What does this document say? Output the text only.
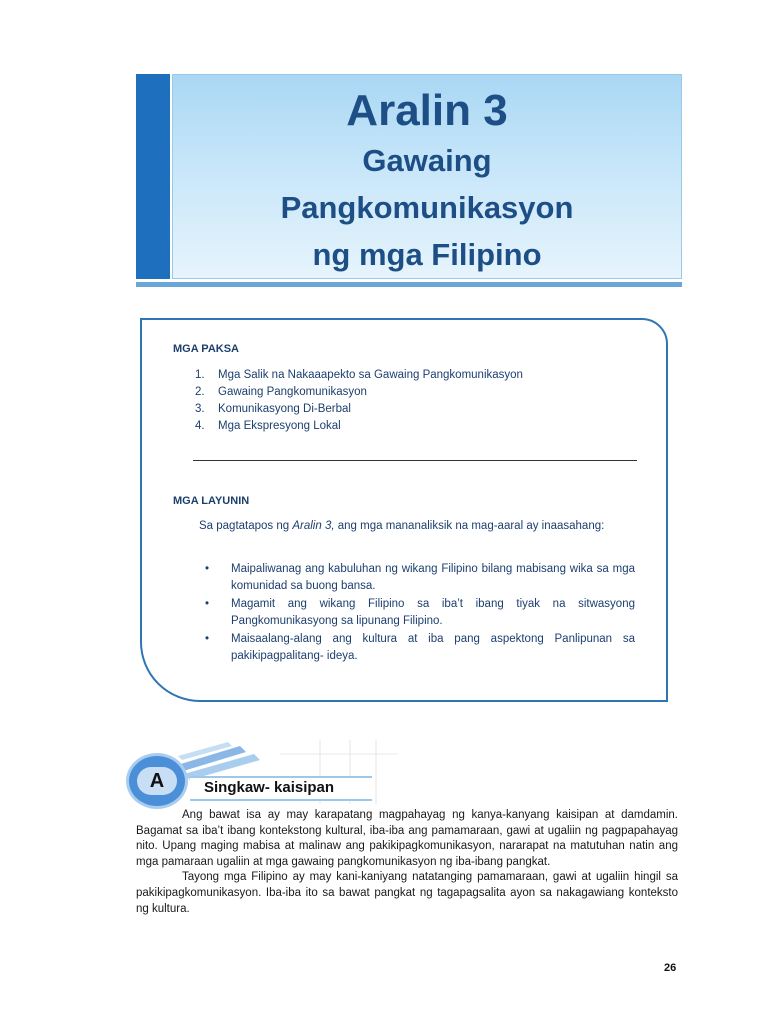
Aralin 3
Gawaing
Pangkomunikasyon
ng mga Filipino
MGA PAKSA
1. Mga Salik na Nakaaapekto sa Gawaing Pangkomunikasyon
2. Gawaing Pangkomunikasyon
3. Komunikasyong Di-Berbal
4. Mga Ekspresyong Lokal
MGA LAYUNIN
Sa pagtatapos ng Aralin 3, ang mga mananaliksik na mag-aaral ay inaasahang:
• Maipaliwanag ang kabuluhan ng wikang Filipino bilang mabisang wika sa mga komunidad sa buong bansa.
• Magamit ang wikang Filipino sa iba’t ibang tiyak na sitwasyong Pangkomunikasyong sa lipunang Filipino.
• Maisaalang-alang ang kultura at iba pang aspektong Panlipunan sa pakikipagpalitang- ideya.
Singkaw- kaisipan
A

Ang bawat isa ay may karapatang magpahayag ng kanya-kanyang kaisipan at damdamin. Bagamat sa iba’t ibang kontekstong kultural, iba-iba ang pamamaraan, gawi at ugaliin ng pagpapahayag nito. Upang maging mabisa at malinaw ang pakikipagkomunikasyon, nararapat na matutuhan natin ang mga pamaraan ugaliin at mga gawaing pangkomunikasyon ng iba-ibang pangkat.

Tayong mga Filipino ay may kani-kaniyang natatanging pamamaraan, gawi at ugaliin hingil sa pakikipagkomunikasyon. Iba-iba ito sa bawat pangkat ng tagapagsalita ayon sa nakagawiang konteksto ng kultura.

26
